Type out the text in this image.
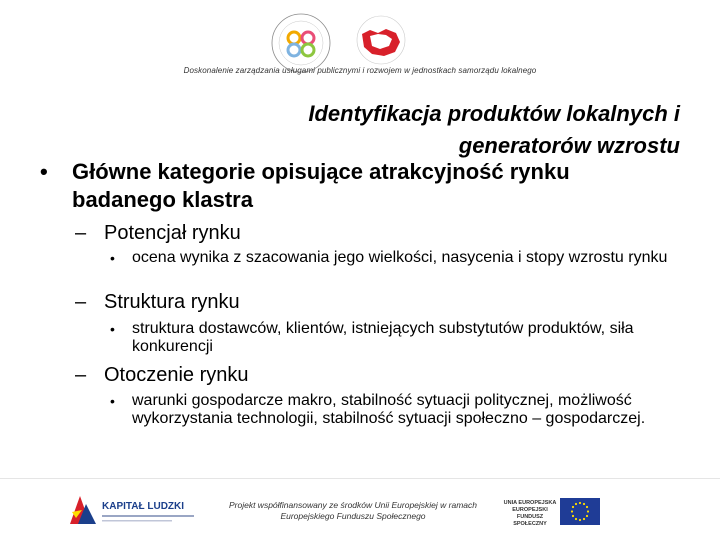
Doskonalenie zarządzania usługami publicznymi i rozwojem w jednostkach samorządu lokalnego
Identyfikacja produktów lokalnych i generatorów wzrostu
• Główne kategorie opisujące atrakcyjność rynku badanego klastra
– Potencjał rynku
• ocena wynika z szacowania jego wielkości, nasycenia i stopy wzrostu rynku
– Struktura rynku
• struktura dostawców, klientów, istniejących substytutów produktów, siła konkurencji
– Otoczenie rynku
• warunki gospodarcze makro, stabilność sytuacji politycznej, możliwość wykorzystania technologii, stabilność sytuacji społeczno – gospodarczej.
KAPITAŁ LUDZKI	Projekt współfinansowany ze środków Unii Europejskiej w ramach Europejskiego Funduszu Społecznego
UNIA EUROPEJSKA
EUROPEJSKI
FUNDUSZ SPOŁECZNY
